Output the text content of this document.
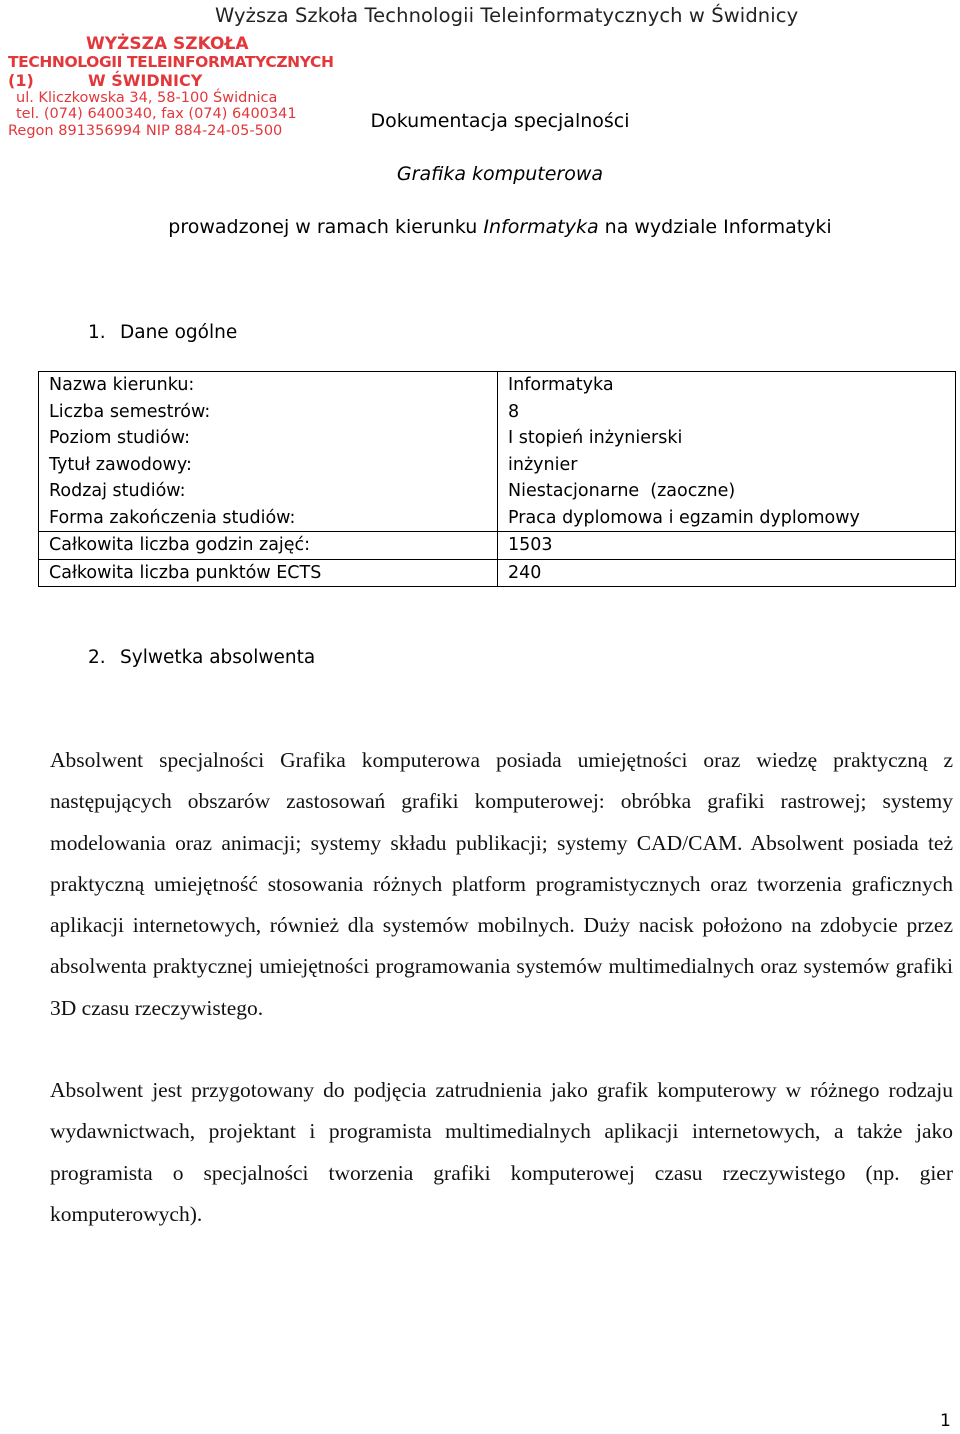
Wyższa Szkoła Technologii Teleinformatycznych w Świdnicy
WYŻSZA SZKOŁA
TECHNOLOGII TELEINFORMATYCZNYCH
(1)	W ŚWIDNICY
ul. Kliczkowska 34, 58-100 Świdnica
tel. (074) 6400340, fax (074) 6400341
Regon 891356994 NIP 884-24-05-500	Dokumentacja specjalności
Grafika komputerowa
prowadzonej w ramach kierunku Informatyka na wydziale Informatyki
1. Dane ogólne
Nazwa kierunku:	Informatyka
Liczba semestrów:	8
Poziom studiów:	I stopień inżynierski
Tytuł zawodowy:	inżynier
Rodzaj studiów:	Niestacjonarne  (zaoczne)
Forma zakończenia studiów:	Praca dyplomowa i egzamin dyplomowy
Całkowita liczba godzin zajęć:	1503
Całkowita liczba punktów ECTS	240
2. Sylwetka absolwenta
Absolwent specjalności Grafika komputerowa posiada umiejętności oraz wiedzę praktyczną z następujących obszarów zastosowań grafiki komputerowej: obróbka grafiki rastrowej; systemy modelowania oraz animacji; systemy składu publikacji; systemy CAD/CAM. Absolwent posiada też praktyczną umiejętność stosowania różnych platform programistycznych oraz tworzenia graficznych aplikacji internetowych, również dla systemów mobilnych. Duży nacisk położono na zdobycie przez absolwenta praktycznej umiejętności programowania systemów multimedialnych oraz systemów grafiki 3D czasu rzeczywistego.
Absolwent jest przygotowany do podjęcia zatrudnienia jako grafik komputerowy w różnego rodzaju wydawnictwach, projektant i programista multimedialnych aplikacji internetowych, a także jako programista o specjalności tworzenia grafiki komputerowej czasu rzeczywistego (np. gier komputerowych).
1
